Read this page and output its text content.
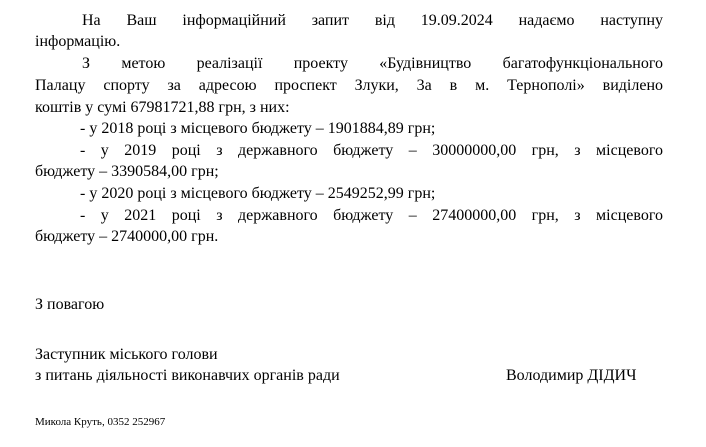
На Ваш інформаційний запит від 19.09.2024 надаємо наступну
інформацію.
З метою реалізації проекту «Будівництво багатофункціонального
Палацу спорту за адресою проспект Злуки, 3а в м. Тернополі» виділено
коштів у сумі 67981721,88 грн, з них:
- у 2018 році з місцевого бюджету – 1901884,89 грн;
- у 2019 році з державного бюджету – 30000000,00 грн, з місцевого
бюджету – 3390584,00 грн;
- у 2020 році з місцевого бюджету – 2549252,99 грн;
- у 2021 році з державного бюджету – 27400000,00 грн, з місцевого
бюджету – 2740000,00 грн.
З повагою
Заступник міського голови
з питань діяльності виконавчих органів ради	Володимир ДІДИЧ
Микола Круть, 0352 252967
